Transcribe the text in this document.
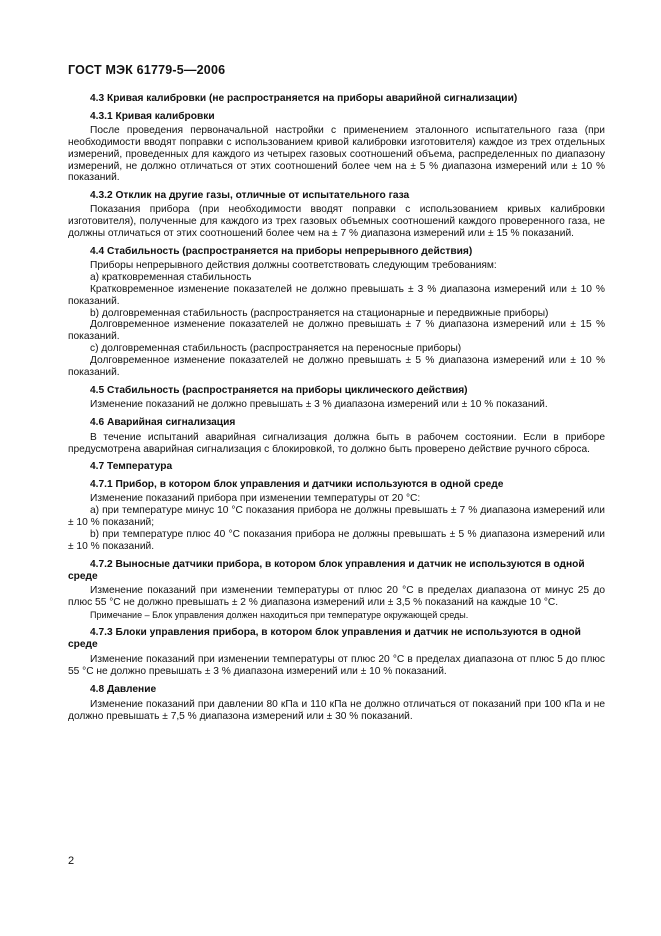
ГОСТ МЭК 61779-5—2006

4.3 Кривая калибровки (не распространяется на приборы аварийной сигнализации)

4.3.1 Кривая калибровки

После проведения первоначальной настройки с применением эталонного испытательного газа (при необходимости вводят поправки с использованием кривой калибровки изготовителя) каждое из трех отдельных измерений, проведенных для каждого из четырех газовых соотношений объема, распределенных по диапазону измерений, не должно отличаться от этих соотношений более чем на ± 5 % диапазона измерений или ± 10 % показаний.

4.3.2 Отклик на другие газы, отличные от испытательного газа

Показания прибора (при необходимости вводят поправки с использованием кривых калибровки изготовителя), полученные для каждого из трех газовых объемных соотношений каждого проверенного газа, не должны отличаться от этих соотношений более чем на ± 7 % диапазона измерений или ± 15 % показаний.

4.4 Стабильность (распространяется на приборы непрерывного действия)

Приборы непрерывного действия должны соответствовать следующим требованиям:

а) кратковременная стабильность

Кратковременное изменение показателей не должно превышать ± 3 % диапазона измерений или ± 10 % показаний.

b) долговременная стабильность (распространяется на стационарные и передвижные приборы)

Долговременное изменение показателей не должно превышать ± 7 % диапазона измерений или ± 15 % показаний.

с) долговременная стабильность (распространяется на переносные приборы)

Долговременное изменение показателей не должно превышать ± 5 % диапазона измерений или ± 10 % показаний.

4.5 Стабильность (распространяется на приборы циклического действия)

Изменение показаний не должно превышать ± 3 % диапазона измерений или ± 10 % показаний.

4.6 Аварийная сигнализация

В течение испытаний аварийная сигнализация должна быть в рабочем состоянии. Если в приборе предусмотрена аварийная сигнализация с блокировкой, то должно быть проверено действие ручного сброса.

4.7 Температура

4.7.1 Прибор, в котором блок управления и датчики используются в одной среде

Изменение показаний прибора при изменении температуры от 20 °С:

а) при температуре минус 10 °С показания прибора не должны превышать ± 7 % диапазона измерений или ± 10 % показаний;

b) при температуре плюс 40 °С показания прибора не должны превышать ± 5 % диапазона измерений или ± 10 % показаний.

4.7.2 Выносные датчики прибора, в котором блок управления и датчик не используются в одной среде

Изменение показаний при изменении температуры от плюс 20 °С в пределах диапазона от минус 25 до плюс 55 °С не должно превышать ± 2 % диапазона измерений или ± 3,5 % показаний на каждые 10 °С.

Примечание – Блок управления должен находиться при температуре окружающей среды.

4.7.3 Блоки управления прибора, в котором блок управления и датчик не используются в одной среде

Изменение показаний при изменении температуры от плюс 20 °С в пределах диапазона от плюс 5 до плюс 55 °С не должно превышать ± 3 % диапазона измерений или ± 10 % показаний.

4.8 Давление

Изменение показаний при давлении 80 кПа и 110 кПа не должно отличаться от показаний при 100 кПа и не должно превышать ± 7,5 % диапазона измерений или ± 30 % показаний.

2
